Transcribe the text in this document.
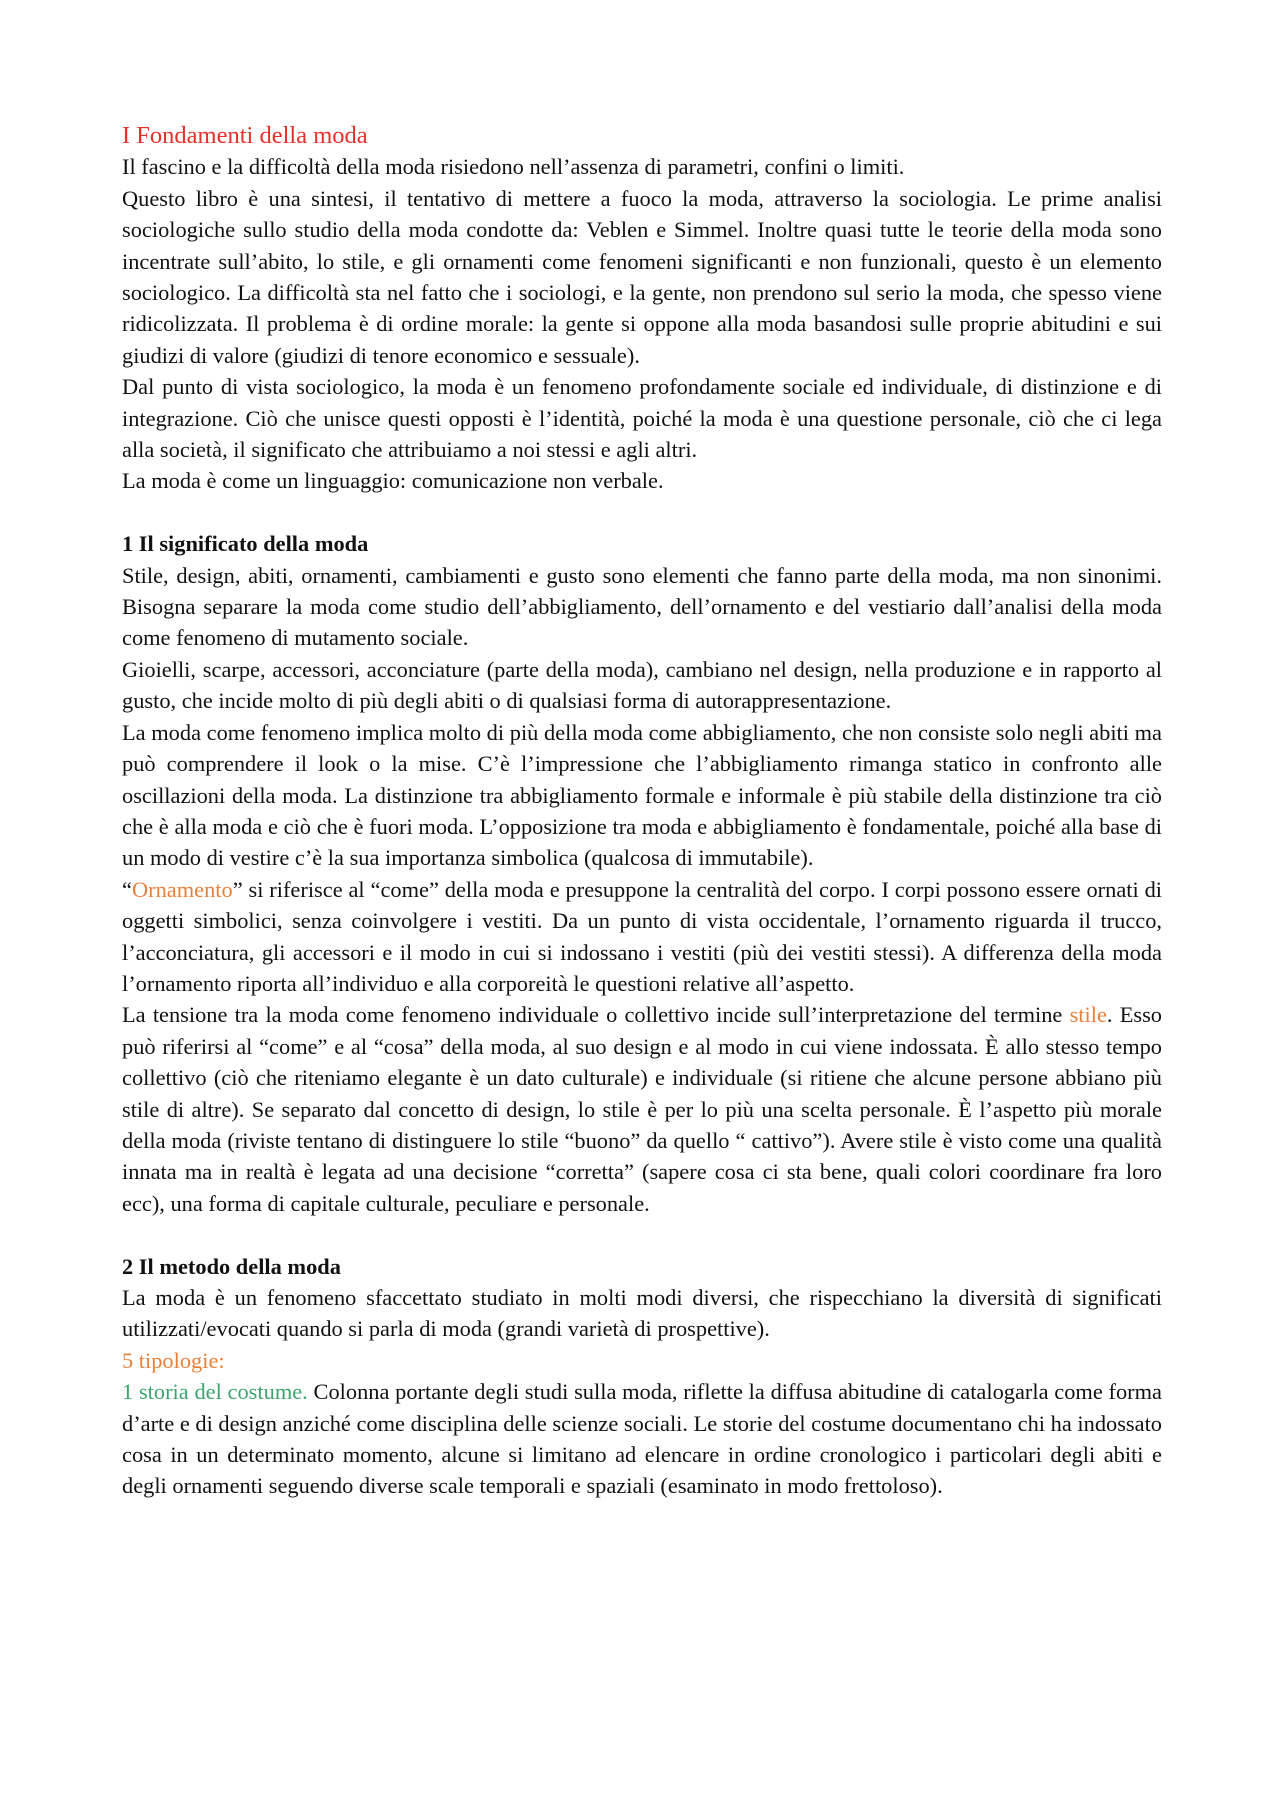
I Fondamenti della moda

Il fascino e la difficoltà della moda risiedono nell’assenza di parametri, confini o limiti.

Questo libro è una sintesi, il tentativo di mettere a fuoco la moda, attraverso la sociologia. Le prime analisi sociologiche sullo studio della moda condotte da: Veblen e Simmel. Inoltre quasi tutte le teorie della moda sono incentrate sull’abito, lo stile, e gli ornamenti come fenomeni significanti e non funzionali, questo è un elemento sociologico. La difficoltà sta nel fatto che i sociologi, e la gente, non prendono sul serio la moda, che spesso viene ridicolizzata. Il problema è di ordine morale: la gente si oppone alla moda basandosi sulle proprie abitudini e sui giudizi di valore (giudizi di tenore economico e sessuale).

Dal punto di vista sociologico, la moda è un fenomeno profondamente sociale ed individuale, di distinzione e di integrazione. Ciò che unisce questi opposti è l’identità, poiché la moda è una questione personale, ciò che ci lega alla società, il significato che attribuiamo a noi stessi e agli altri.

La moda è come un linguaggio: comunicazione non verbale.

1 Il significato della moda

Stile, design, abiti, ornamenti, cambiamenti e gusto sono elementi che fanno parte della moda, ma non sinonimi. Bisogna separare la moda come studio dell’abbigliamento, dell’ornamento e del vestiario dall’analisi della moda come fenomeno di mutamento sociale.

Gioielli, scarpe, accessori, acconciature (parte della moda), cambiano nel design, nella produzione e in rapporto al gusto, che incide molto di più degli abiti o di qualsiasi forma di autorappresentazione.

La moda come fenomeno implica molto di più della moda come abbigliamento, che non consiste solo negli abiti ma può comprendere il look o la mise. C’è l’impressione che l’abbigliamento rimanga statico in confronto alle oscillazioni della moda. La distinzione tra abbigliamento formale e informale è più stabile della distinzione tra ciò che è alla moda e ciò che è fuori moda. L’opposizione tra moda e abbigliamento è fondamentale, poiché alla base di un modo di vestire c’è la sua importanza simbolica (qualcosa di immutabile).

“Ornamento” si riferisce al “come” della moda e presuppone la centralità del corpo. I corpi possono essere ornati di oggetti simbolici, senza coinvolgere i vestiti. Da un punto di vista occidentale, l’ornamento riguarda il trucco, l’acconciatura, gli accessori e il modo in cui si indossano i vestiti (più dei vestiti stessi). A differenza della moda l’ornamento riporta all’individuo e alla corporeità le questioni relative all’aspetto.

La tensione tra la moda come fenomeno individuale o collettivo incide sull’interpretazione del termine stile. Esso può riferirsi al “come” e al “cosa” della moda, al suo design e al modo in cui viene indossata. È allo stesso tempo collettivo (ciò che riteniamo elegante è un dato culturale) e individuale (si ritiene che alcune persone abbiano più stile di altre). Se separato dal concetto di design, lo stile è per lo più una scelta personale. È l’aspetto più morale della moda (riviste tentano di distinguere lo stile “buono” da quello “ cattivo”). Avere stile è visto come una qualità innata ma in realtà è legata ad una decisione “corretta” (sapere cosa ci sta bene, quali colori coordinare fra loro ecc), una forma di capitale culturale, peculiare e personale.

2 Il metodo della moda

La moda è un fenomeno sfaccettato studiato in molti modi diversi, che rispecchiano la diversità di significati utilizzati/evocati quando si parla di moda (grandi varietà di prospettive).

5 tipologie:

1 storia del costume. Colonna portante degli studi sulla moda, riflette la diffusa abitudine di catalogarla come forma d’arte e di design anziché come disciplina delle scienze sociali. Le storie del costume documentano chi ha indossato cosa in un determinato momento, alcune si limitano ad elencare in ordine cronologico i particolari degli abiti e degli ornamenti seguendo diverse scale temporali e spaziali (esaminato in modo frettoloso).
